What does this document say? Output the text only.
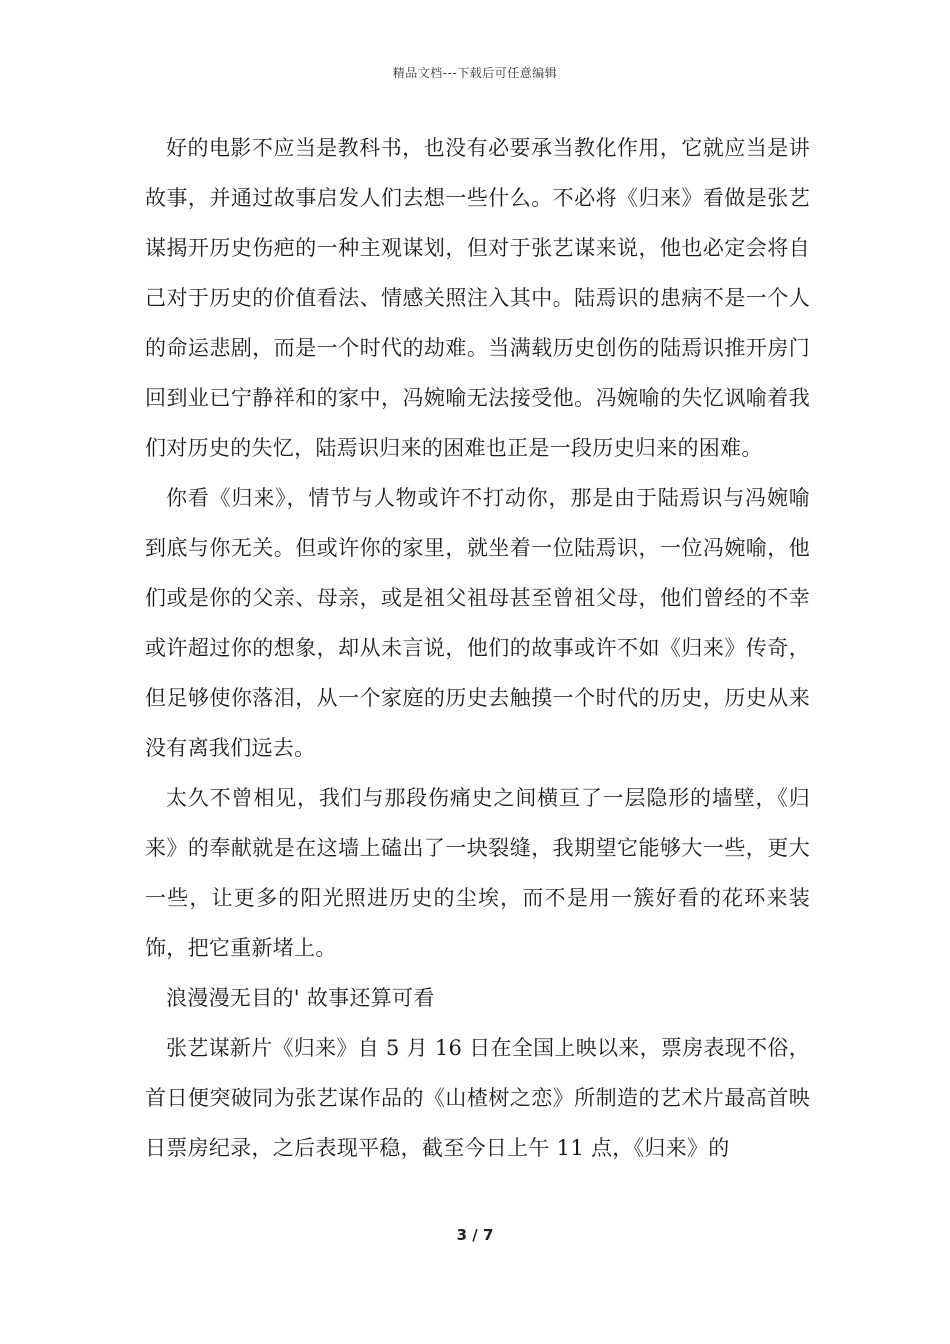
精品文档---下载后可任意编辑

好的电影不应当是教科书，也没有必要承当教化作用，它就应当是讲故事，并通过故事启发人们去想一些什么。不必将《归来》看做是张艺谋揭开历史伤疤的一种主观谋划，但对于张艺谋来说，他也必定会将自己对于历史的价值看法、情感关照注入其中。陆焉识的患病不是一个人的命运悲剧，而是一个时代的劫难。当满载历史创伤的陆焉识推开房门回到业已宁静祥和的家中，冯婉喻无法接受他。冯婉喻的失忆讽喻着我们对历史的失忆，陆焉识归来的困难也正是一段历史归来的困难。

你看《归来》，情节与人物或许不打动你，那是由于陆焉识与冯婉喻到底与你无关。但或许你的家里，就坐着一位陆焉识，一位冯婉喻，他们或是你的父亲、母亲，或是祖父祖母甚至曾祖父母，他们曾经的不幸或许超过你的想象，却从未言说，他们的故事或许不如《归来》传奇，但足够使你落泪，从一个家庭的历史去触摸一个时代的历史，历史从来没有离我们远去。

太久不曾相见，我们与那段伤痛史之间横亘了一层隐形的墙壁，《归来》的奉献就是在这墙上磕出了一块裂缝，我期望它能够大一些，更大一些，让更多的阳光照进历史的尘埃，而不是用一簇好看的花环来装饰，把它重新堵上。

浪漫漫无目的' 故事还算可看

张艺谋新片《归来》自 5 月 16 日在全国上映以来，票房表现不俗，首日便突破同为张艺谋作品的《山楂树之恋》所制造的艺术片最高首映日票房纪录，之后表现平稳，截至今日上午 11 点，《归来》的

3 / 7
